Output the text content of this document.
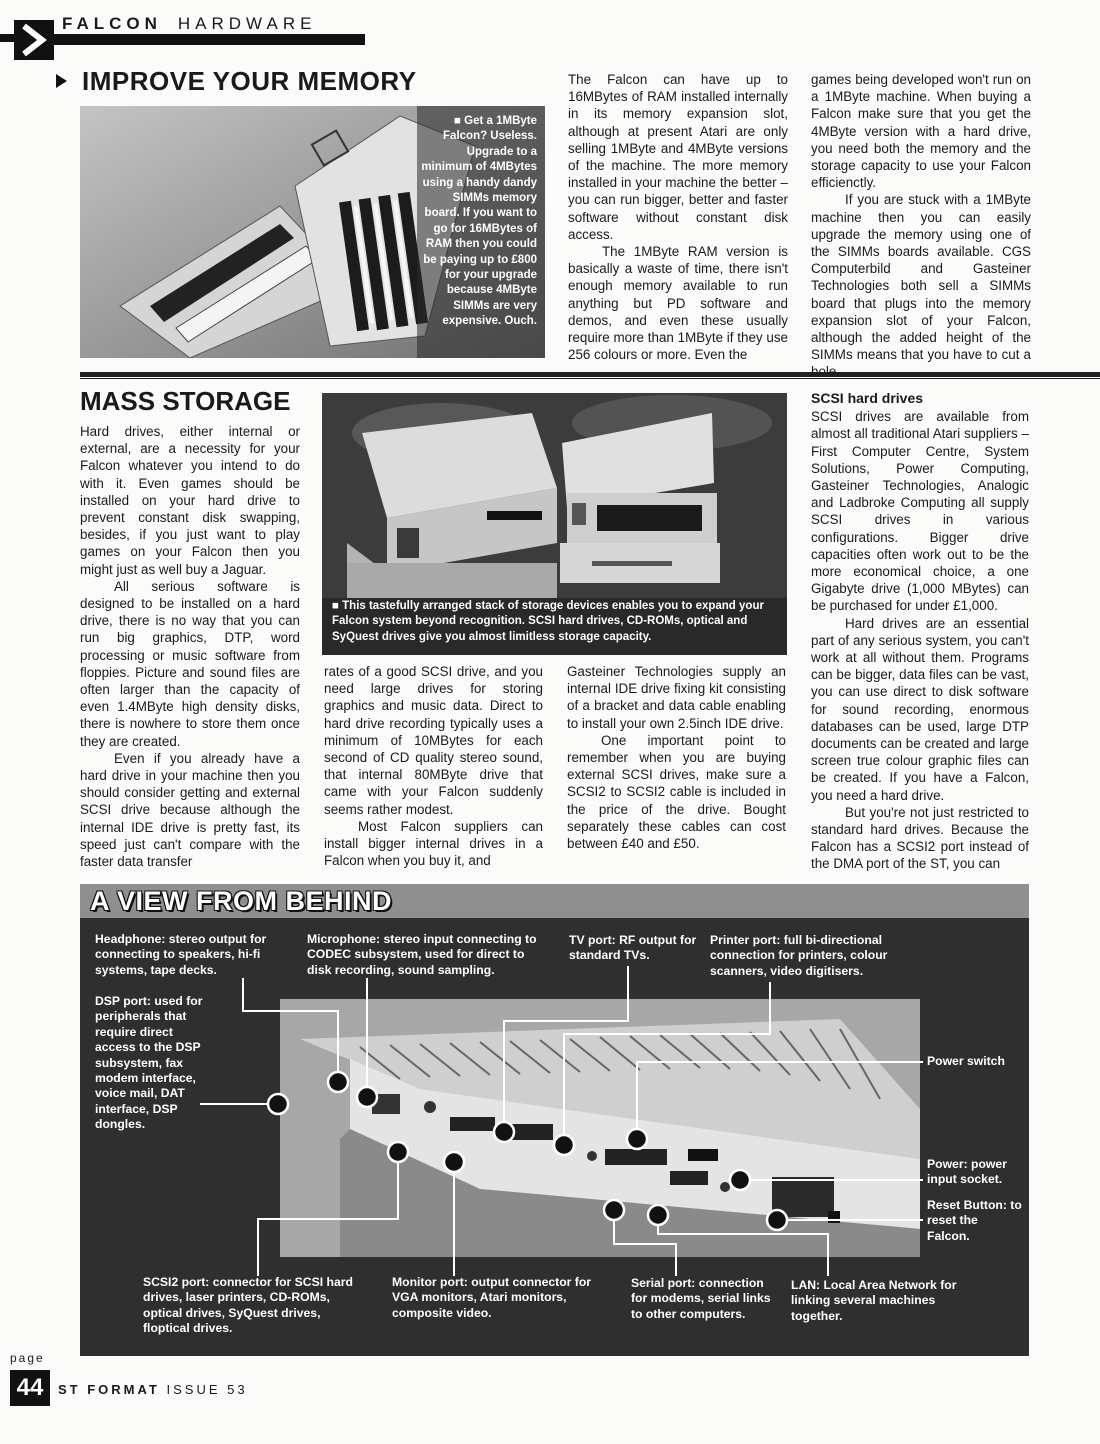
FALCON HARDWARE
IMPROVE YOUR MEMORY
■ Get a 1MByte Falcon? Useless. Upgrade to a minimum of 4MBytes using a handy dandy SIMMs memory board. If you want to go for 16MBytes of RAM then you could be paying up to £800 for your upgrade because 4MByte SIMMs are very expensive. Ouch.

The Falcon can have up to 16MBytes of RAM installed internally in its memory expansion slot, although at present Atari are only selling 1MByte and 4MByte versions of the machine. The more memory installed in your machine the better – you can run bigger, better and faster software without constant disk access.

The 1MByte RAM version is basically a waste of time, there isn't enough memory available to run anything but PD software and demos, and even these usually require more than 1MByte if they use 256 colours or more. Even the

games being developed won't run on a 1MByte machine. When buying a Falcon make sure that you get the 4MByte version with a hard drive, you need both the memory and the storage capacity to use your Falcon efficienctly.

If you are stuck with a 1MByte machine then you can easily upgrade the memory using one of the SIMMs boards available. CGS Computerbild and Gasteiner Technologies both sell a SIMMs board that plugs into the memory expansion slot of your Falcon, although the added height of the SIMMs means that you have to cut a

MASS STORAGE

Hard drives, either internal or external, are a necessity for your Falcon whatever you intend to do with it. Even games should be installed on your hard drive to prevent constant disk swapping, besides, if you just want to play games on your Falcon then you might just as well buy a Jaguar.

All serious software is designed to be installed on a hard drive, there is no way that you can run big graphics, DTP, word processing or music software from floppies. Picture and sound files are often larger than the capacity of even 1.4MByte high density disks, there is nowhere to store them once they are created.

Even if you already have a hard drive in your machine then you should consider getting and external SCSI drive because although the internal IDE drive is pretty fast, its speed just can't compare with the faster data transfer

■ This tastefully arranged stack of storage devices enables you to expand your Falcon system beyond recognition. SCSI hard drives, CD-ROMs, optical and SyQuest drives give you almost limitless storage capacity.

rates of a good SCSI drive, and you need large drives for storing graphics and music data. Direct to hard drive recording typically uses a minimum of 10MBytes for each second of CD quality stereo sound, that internal 80MByte drive that came with your Falcon suddenly seems rather modest.

Most Falcon suppliers can install bigger internal drives in a Falcon when you buy it, and

Gasteiner Technologies supply an internal IDE drive fixing kit consisting of a bracket and data cable enabling to install your own 2.5inch IDE drive.

One important point to remember when you are buying external SCSI drives, make sure a SCSI2 to SCSI2 cable is included in the price of the drive. Bought separately these cables can cost between £40 and £50.

SCSI hard drives

SCSI drives are available from almost all traditional Atari suppliers – First Computer Centre, System Solutions, Power Computing, Gasteiner Technologies, Analogic and Ladbroke Computing all supply SCSI drives in various configurations. Bigger drive capacities often work out to be the more economical choice, a one Gigabyte drive (1,000 MBytes) can be purchased for under £1,000.

Hard drives are an essential part of any serious system, you can't work at all without them. Programs can be bigger, data files can be vast, you can use direct to disk software for sound recording, enormous databases can be used, large DTP documents can be created and large screen true colour graphic files can be created. If you have a Falcon, you need a hard drive.

But you're not just restricted to standard hard drives. Because the Falcon has a SCSI2 port instead of the DMA port of the ST, you can

A VIEW FROM BEHIND
Headphone: stereo output for connecting to speakers, hi-fi systems, tape decks.
Microphone: stereo input connecting to CODEC subsystem, used for direct to disk recording, sound sampling.
TV port: RF output for standard TVs.
Printer port: full bi-directional connection for printers, colour scanners, video digitisers.
DSP port: used for peripherals that require direct access to the DSP subsystem, fax modem interface, voice mail, DAT interface, DSP dongles.
Power switch
Power: power input socket.
Reset Button: to reset the Falcon.
SCSI2 port: connector for SCSI hard drives, laser printers, CD-ROMs, optical drives, SyQuest drives, floptical drives.
Monitor port: output connector for VGA monitors, Atari monitors, composite video.
Serial port: connection for modems, serial links to other computers.
LAN: Local Area Network for linking several machines together.
page
44	ST FORMAT ISSUE 53
